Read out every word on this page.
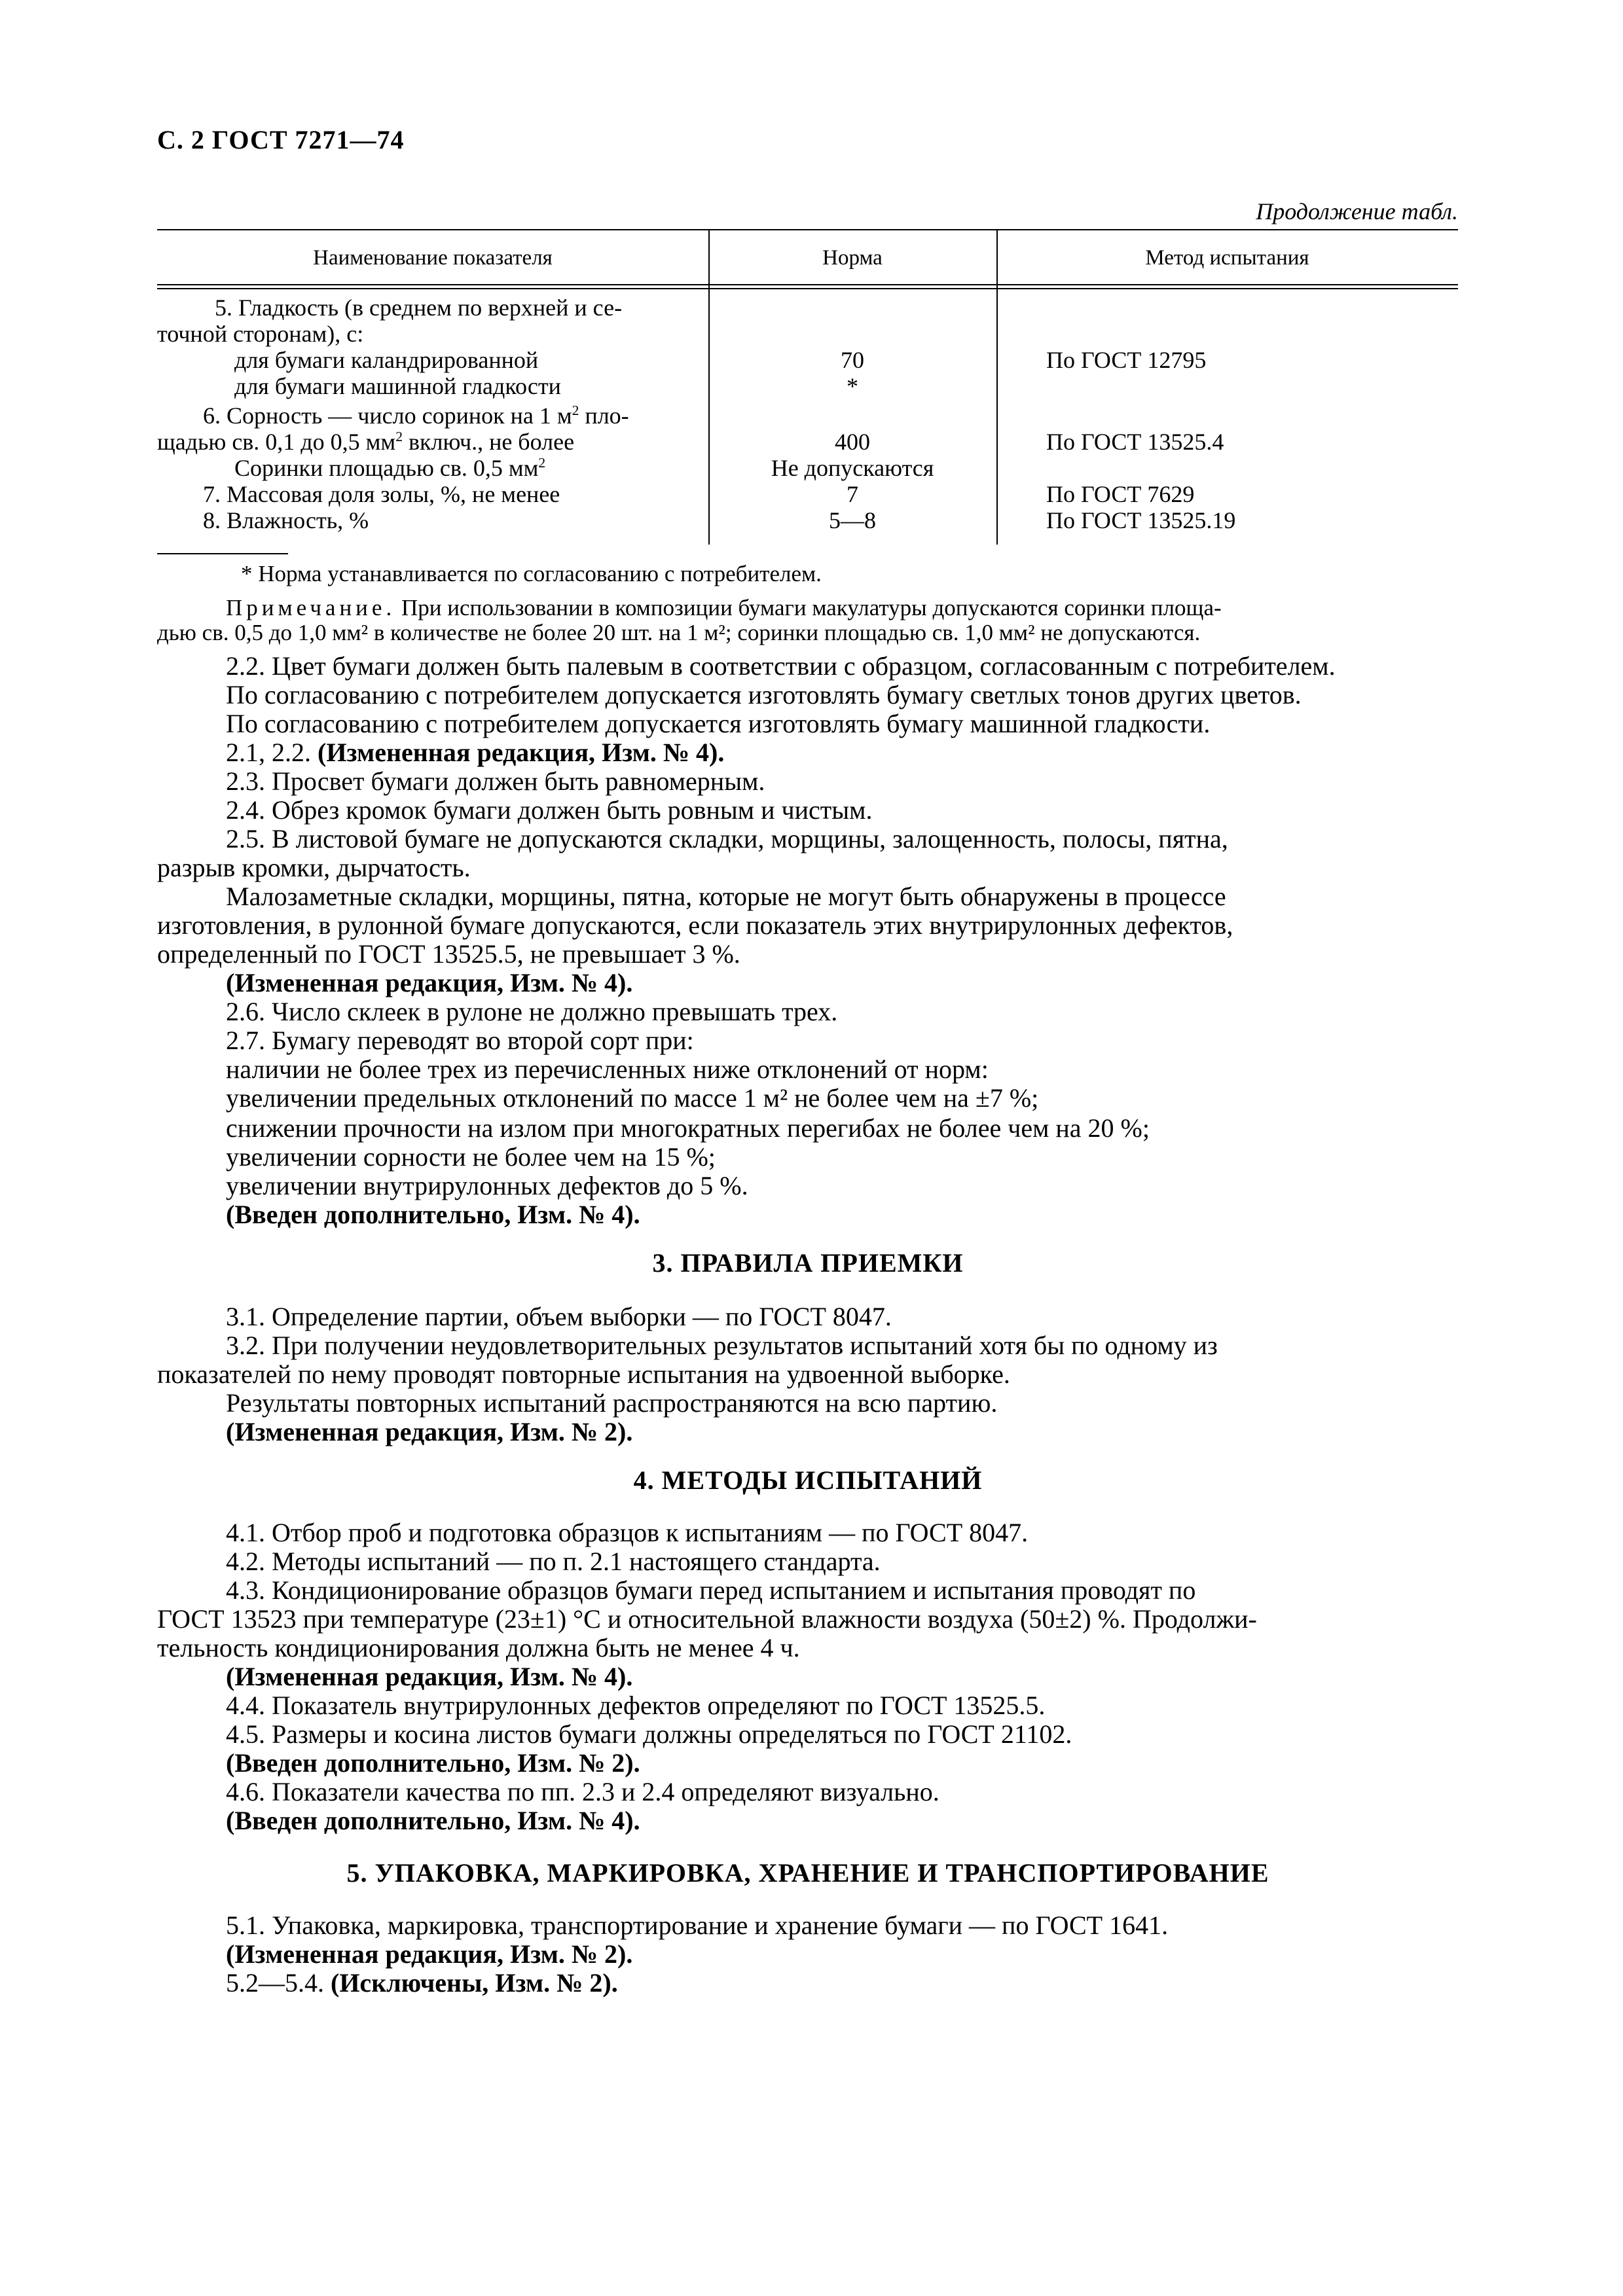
С. 2 ГОСТ 7271—74
Продолжение табл.
Наименование показателя	Норма	Метод испытания
5. Гладкость (в среднем по верхней и се-
точной сторонам), с:
для бумаги каландрированной
для бумаги машинной гладкости
6. Сорность — число соринок на 1 $м^2$ пло-
щадью св. 0,1 до 0,5 $мм^2$ включ., не более
Соринки площадью св. 0,5 $мм^2$
7. Массовая доля золы, %, не менее
8. Влажность, %
70
*
400
Не допускаются
7
5—8
По ГОСТ 12795
По ГОСТ 13525.4
По ГОСТ 7629
По ГОСТ 13525.19
* Норма устанавливается по согласованию с потребителем.
Примечание. При использовании в композиции бумаги макулатуры допускаются соринки площа-
дью св. 0,5 до 1,0 мм² в количестве не более 20 шт. на 1 м²; соринки площадью св. 1,0 мм² не допускаются.
2.2. Цвет бумаги должен быть палевым в соответствии с образцом, согласованным с потребителем.
По согласованию с потребителем допускается изготовлять бумагу светлых тонов других цветов.
По согласованию с потребителем допускается изготовлять бумагу машинной гладкости.
2.1, 2.2. (Измененная редакция, Изм. № 4).
2.3. Просвет бумаги должен быть равномерным.
2.4. Обрез кромок бумаги должен быть ровным и чистым.
2.5. В листовой бумаге не допускаются складки, морщины, залощенность, полосы, пятна,
разрыв кромки, дырчатость.
Малозаметные складки, морщины, пятна, которые не могут быть обнаружены в процессе
изготовления, в рулонной бумаге допускаются, если показатель этих внутрирулонных дефектов,
определенный по ГОСТ 13525.5, не превышает 3 %.
(Измененная редакция, Изм. № 4).
2.6. Число склеек в рулоне не должно превышать трех.
2.7. Бумагу переводят во второй сорт при:
наличии не более трех из перечисленных ниже отклонений от норм:
увеличении предельных отклонений по массе 1 м² не более чем на ±7 %;
снижении прочности на излом при многократных перегибах не более чем на 20 %;
увеличении сорности не более чем на 15 %;
увеличении внутрирулонных дефектов до 5 %.
(Введен дополнительно, Изм. № 4).
3. ПРАВИЛА ПРИЕМКИ
3.1. Определение партии, объем выборки — по ГОСТ 8047.
3.2. При получении неудовлетворительных результатов испытаний хотя бы по одному из
показателей по нему проводят повторные испытания на удвоенной выборке.
Результаты повторных испытаний распространяются на всю партию.
(Измененная редакция, Изм. № 2).
4. МЕТОДЫ ИСПЫТАНИЙ
4.1. Отбор проб и подготовка образцов к испытаниям — по ГОСТ 8047.
4.2. Методы испытаний — по п. 2.1 настоящего стандарта.
4.3. Кондиционирование образцов бумаги перед испытанием и испытания проводят по
ГОСТ 13523 при температуре (23±1) °С и относительной влажности воздуха (50±2) %. Продолжи-
тельность кондиционирования должна быть не менее 4 ч.
(Измененная редакция, Изм. № 4).
4.4. Показатель внутрирулонных дефектов определяют по ГОСТ 13525.5.
4.5. Размеры и косина листов бумаги должны определяться по ГОСТ 21102.
(Введен дополнительно, Изм. № 2).
4.6. Показатели качества по пп. 2.3 и 2.4 определяют визуально.
(Введен дополнительно, Изм. № 4).
5. УПАКОВКА, МАРКИРОВКА, ХРАНЕНИЕ И ТРАНСПОРТИРОВАНИЕ
5.1. Упаковка, маркировка, транспортирование и хранение бумаги — по ГОСТ 1641.
(Измененная редакция, Изм. № 2).
5.2—5.4. (Исключены, Изм. № 2).
